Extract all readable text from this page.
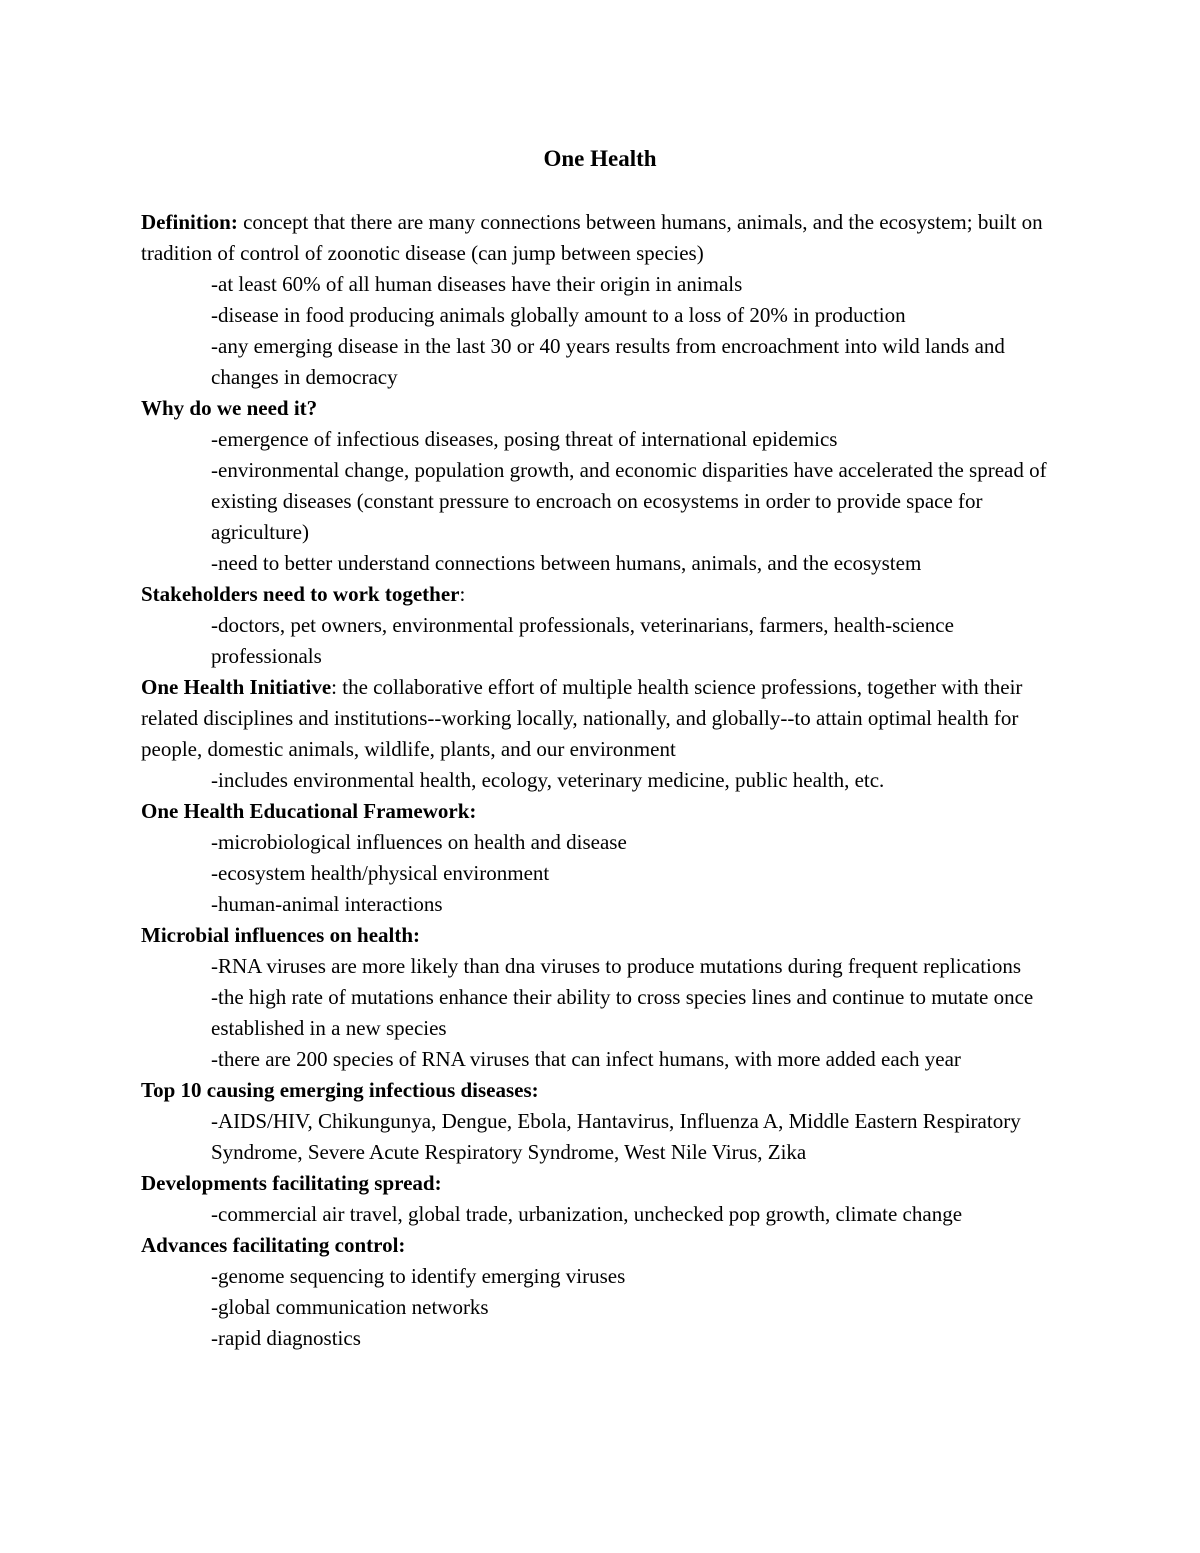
One Health

Definition: concept that there are many connections between humans, animals, and the ecosystem; built on tradition of control of zoonotic disease (can jump between species)

-at least 60% of all human diseases have their origin in animals

-disease in food producing animals globally amount to a loss of 20% in production

-any emerging disease in the last 30 or 40 years results from encroachment into wild lands and changes in democracy

Why do we need it?

-emergence of infectious diseases, posing threat of international epidemics

-environmental change, population growth, and economic disparities have accelerated the spread of existing diseases (constant pressure to encroach on ecosystems in order to provide space for agriculture)

-need to better understand connections between humans, animals, and the ecosystem

Stakeholders need to work together:

-doctors, pet owners, environmental professionals, veterinarians, farmers, health-science professionals

One Health Initiative: the collaborative effort of multiple health science professions, together with their related disciplines and institutions--working locally, nationally, and globally--to attain optimal health for people, domestic animals, wildlife, plants, and our environment

-includes environmental health, ecology, veterinary medicine, public health, etc.

One Health Educational Framework:

-microbiological influences on health and disease

-ecosystem health/physical environment

-human-animal interactions

Microbial influences on health:

-RNA viruses are more likely than dna viruses to produce mutations during frequent replications

-the high rate of mutations enhance their ability to cross species lines and continue to mutate once established in a new species

-there are 200 species of RNA viruses that can infect humans, with more added each year

Top 10 causing emerging infectious diseases:

-AIDS/HIV, Chikungunya, Dengue, Ebola, Hantavirus, Influenza A, Middle Eastern Respiratory Syndrome, Severe Acute Respiratory Syndrome, West Nile Virus, Zika

Developments facilitating spread:

-commercial air travel, global trade, urbanization, unchecked pop growth, climate change

Advances facilitating control:

-genome sequencing to identify emerging viruses

-global communication networks

-rapid diagnostics
